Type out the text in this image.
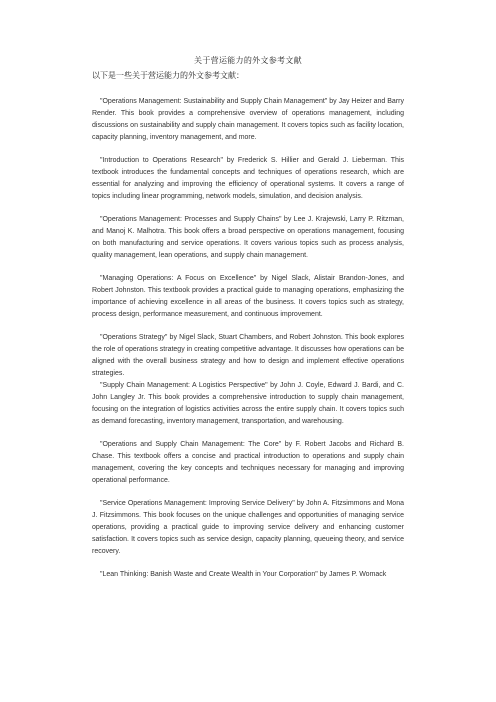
关于营运能力的外文参考文献
以下是一些关于营运能力的外文参考文献：

"Operations Management: Sustainability and Supply Chain Management" by Jay Heizer and Barry Render. This book provides a comprehensive overview of operations management, including discussions on sustainability and supply chain management. It covers topics such as facility location, capacity planning, inventory management, and more.

"Introduction to Operations Research" by Frederick S. Hillier and Gerald J. Lieberman. This textbook introduces the fundamental concepts and techniques of operations research, which are essential for analyzing and improving the efficiency of operational systems. It covers a range of topics including linear programming, network models, simulation, and decision analysis.

"Operations Management: Processes and Supply Chains" by Lee J. Krajewski, Larry P. Ritzman, and Manoj K. Malhotra. This book offers a broad perspective on operations management, focusing on both manufacturing and service operations. It covers various topics such as process analysis, quality management, lean operations, and supply chain management.

"Managing Operations: A Focus on Excellence" by Nigel Slack, Alistair Brandon-Jones, and Robert Johnston. This textbook provides a practical guide to managing operations, emphasizing the importance of achieving excellence in all areas of the business. It covers topics such as strategy, process design, performance measurement, and continuous improvement.

"Operations Strategy" by Nigel Slack, Stuart Chambers, and Robert Johnston. This book explores the role of operations strategy in creating competitive advantage. It discusses how operations can be aligned with the overall business strategy and how to design and implement effective operations strategies.

"Supply Chain Management: A Logistics Perspective" by John J. Coyle, Edward J. Bardi, and C. John Langley Jr. This book provides a comprehensive introduction to supply chain management, focusing on the integration of logistics activities across the entire supply chain. It covers topics such as demand forecasting, inventory management, transportation, and warehousing.

"Operations and Supply Chain Management: The Core" by F. Robert Jacobs and Richard B. Chase. This textbook offers a concise and practical introduction to operations and supply chain management, covering the key concepts and techniques necessary for managing and improving operational performance.

"Service Operations Management: Improving Service Delivery" by John A. Fitzsimmons and Mona J. Fitzsimmons. This book focuses on the unique challenges and opportunities of managing service operations, providing a practical guide to improving service delivery and enhancing customer satisfaction. It covers topics such as service design, capacity planning, queueing theory, and service recovery.

"Lean Thinking: Banish Waste and Create Wealth in Your Corporation" by James P. Womack
